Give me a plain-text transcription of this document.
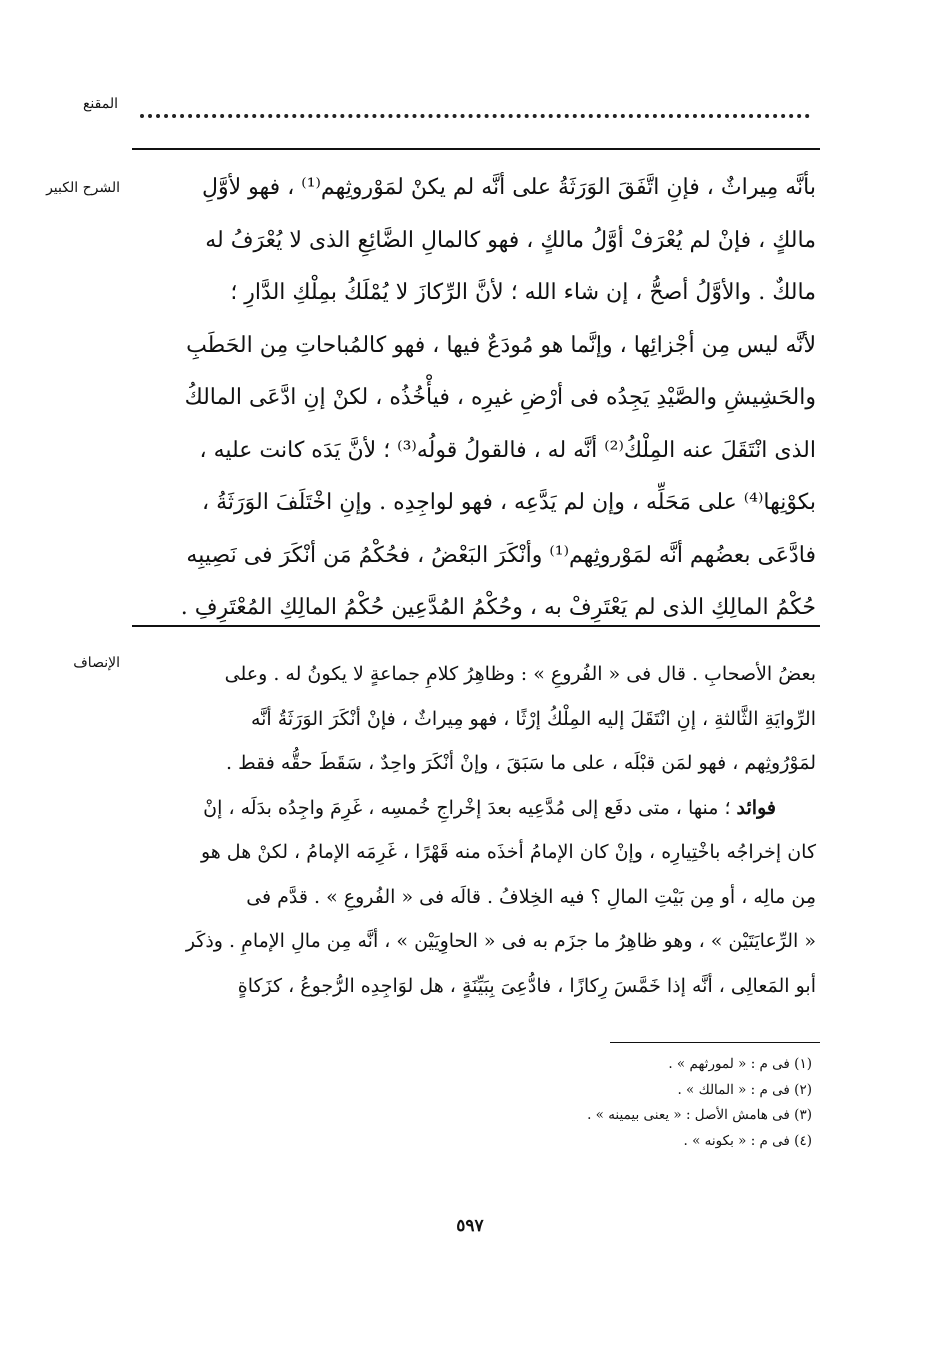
المقنع
الشرح الكبير	بأنَّه مِيراثٌ ، فإنِ اتَّفَقَ الوَرَثَةُ على أنَّه لم يكنْ لمَوْروثِهم⁽¹⁾ ، فهو لأوَّلِ

مالكٍ ، فإنْ لم يُعْرَفْ أوَّلُ مالكٍ ، فهو كالمالِ الضَّائِعِ الذى لا يُعْرَفُ له

مالكٌ . والأوَّلُ أصحُّ ، إن شاء الله ؛ لأنَّ الرِّكازَ لا يُمْلَكُ بمِلْكِ الدَّارِ ؛

لأنَّه ليس مِن أجْزائِها ، وإنَّما هو مُودَعٌ فيها ، فهو كالمُباحاتِ مِن الحَطَبِ

والحَشِيشِ والصَّيْدِ يَجِدُه فى أرْضِ غيرِه ، فيأْخُذُه ، لكنْ إنِ ادَّعَى المالكُ

الذى انْتَقَلَ عنه المِلْكُ⁽²⁾ أنَّه له ، فالقولُ قولُه⁽³⁾ ؛ لأنَّ يَدَه كانت عليه ،

بكوْنِها⁽⁴⁾ على مَحَلِّه ، وإن لم يَدَّعِه ، فهو لواجِدِه . وإنِ اخْتَلَفَ الوَرَثَةُ ،

فادَّعَى بعضُهم أنَّه لمَوْروثِهم⁽¹⁾ وأنْكَرَ البَعْضُ ، فحُكْمُ مَن أنْكَرَ فى نَصِيبِه

حُكْمُ المالِكِ الذى لم يَعْتَرِفْ به ، وحُكْمُ المُدَّعِين حُكْمُ المالِكِ المُعْتَرِفِ .

الإنصاف	بعضُ الأصحابِ . قال فى « الفُروعِ » : وظاهِرُ كلامِ جماعةٍ لا يكونُ له . وعلى

الرِّوايَةِ الثَّالثةِ ، إنِ انْتَقَلَ إليه المِلْكُ إرْثًا ، فهو مِيراثٌ ، فإنْ أنْكَرَ الوَرَثَةُ أنَّه

لمَوْرُوثِهم ، فهو لمَن قبْلَه ، على ما سَبَقَ ، وإنْ أنْكَرَ واحِدٌ ، سَقَطَ حقُّه فقط .

فوائد ؛ منها ، متى دفَع إلى مُدَّعِيه بعدَ إخْراجِ خُمسِه ، غَرِمَ واجِدُه بدَلَه ، إنْ

كان إخراجُه باخْتِيارِه ، وإنْ كان الإمامُ أخذَه منه قَهْرًا ، غَرِمَه الإمامُ ، لكنْ هل هو

مِن مالِه ، أو مِن بَيْتِ المالِ ؟ فيه الخِلافُ . قالَه فى « الفُروعِ » . قدَّم فى

« الرِّعايَتَيْن » ، وهو ظاهِرُ ما جزَم به فى « الحاوِيَيْن » ، أنَّه مِن مالِ الإمامِ . وذكَر

أبو المَعالِى ، أنَّه إذا خَمَّسَ رِكازًا ، فادُّعِىَ بِبَيِّنَةٍ ، هل لوَاجِدِه الرُّجوعُ ، كزَكاةٍ

(١) فى م : « لمورثهم » .
(٢) فى م : « المالك » .
(٣) فى هامش الأصل : « يعنى بيمينه » .
(٤) فى م : « بكونه » .
٥٩٧
